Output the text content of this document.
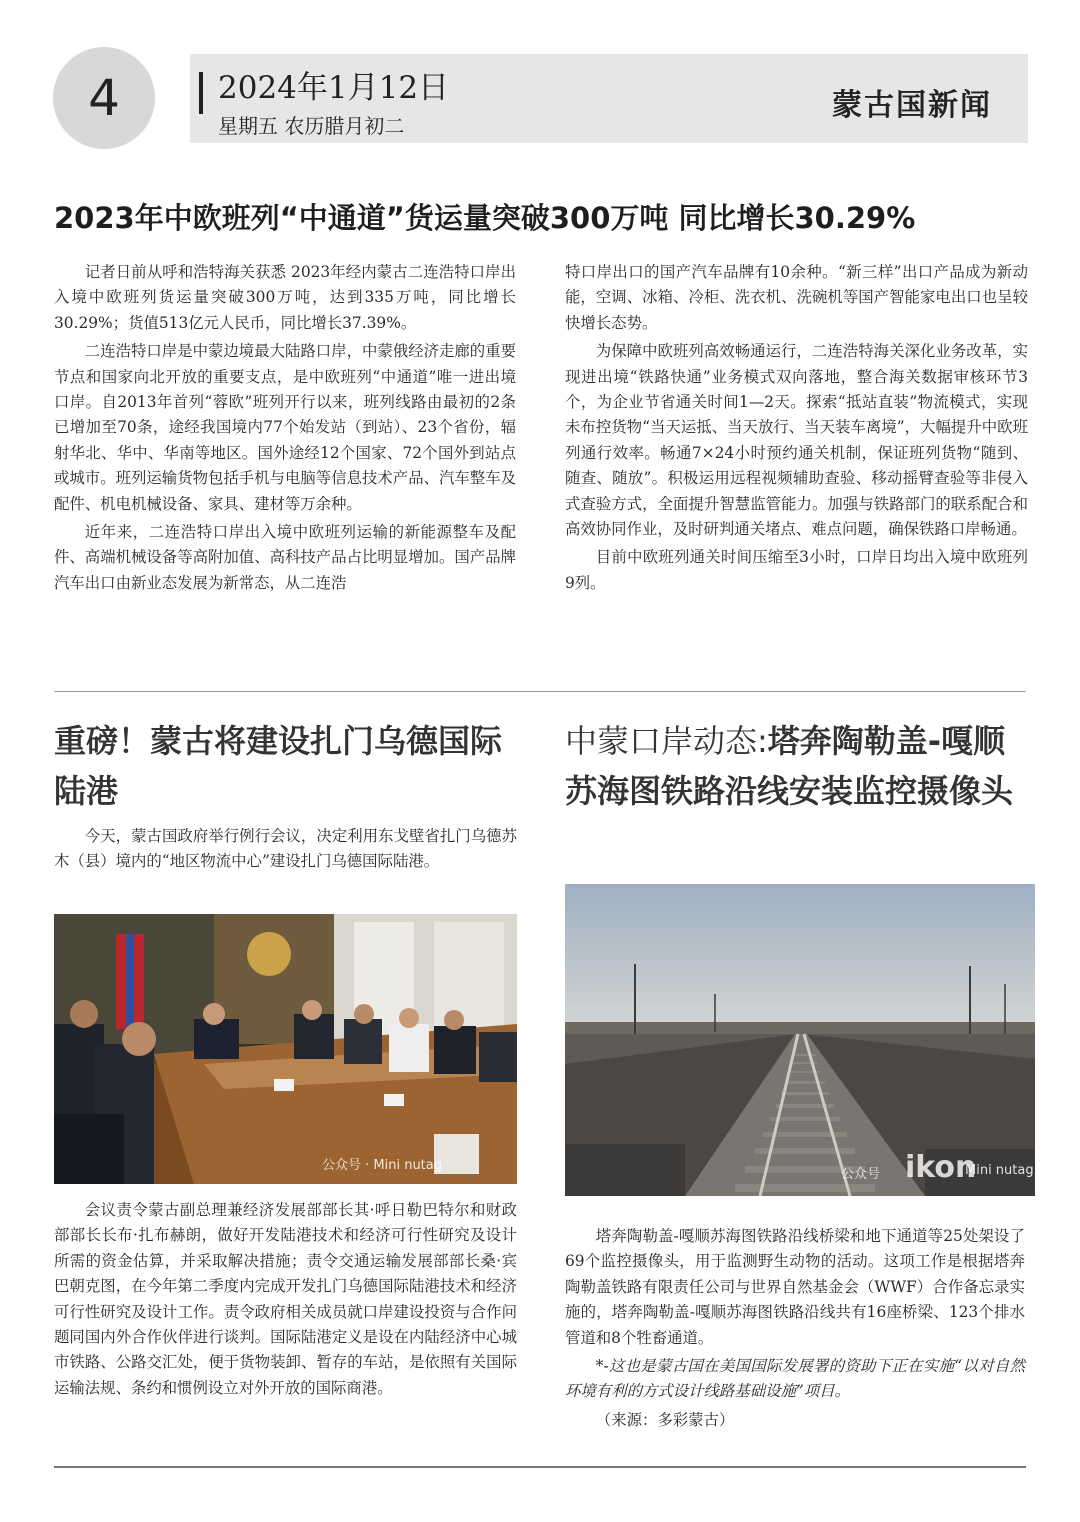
4	2024年1月12日
星期五 农历腊月初二
蒙古国新闻
2023年中欧班列“中通道”货运量突破300万吨 同比增长30.29%

记者日前从呼和浩特海关获悉 2023年经内蒙古二连浩特口岸出入境中欧班列货运量突破300万吨，达到335万吨，同比增长30.29%；货值513亿元人民币，同比增长37.39%。

二连浩特口岸是中蒙边境最大陆路口岸，中蒙俄经济走廊的重要节点和国家向北开放的重要支点，是中欧班列“中通道”唯一进出境口岸。自2013年首列“蓉欧”班列开行以来，班列线路由最初的2条已增加至70条，途经我国境内77个始发站（到站）、23个省份，辐射华北、华中、华南等地区。国外途经12个国家、72个国外到站点或城市。班列运输货物包括手机与电脑等信息技术产品、汽车整车及配件、机电机械设备、家具、建材等万余种。

近年来，二连浩特口岸出入境中欧班列运输的新能源整车及配件、高端机械设备等高附加值、高科技产品占比明显增加。国产品牌汽车出口由新业态发展为新常态，从二连浩

特口岸出口的国产汽车品牌有10余种。“新三样”出口产品成为新动能，空调、冰箱、冷柜、洗衣机、洗碗机等国产智能家电出口也呈较快增长态势。

为保障中欧班列高效畅通运行，二连浩特海关深化业务改革，实现进出境“铁路快通”业务模式双向落地，整合海关数据审核环节3个，为企业节省通关时间1—2天。探索“抵站直装”物流模式，实现未布控货物“当天运抵、当天放行、当天装车离境”，大幅提升中欧班列通行效率。畅通7×24小时预约通关机制，保证班列货物“随到、随查、随放”。积极运用远程视频辅助查验、移动摇臂查验等非侵入式查验方式，全面提升智慧监管能力。加强与铁路部门的联系配合和高效协同作业，及时研判通关堵点、难点问题，确保铁路口岸畅通。

目前中欧班列通关时间压缩至3小时，口岸日均出入境中欧班列9列。

重磅！蒙古将建设扎门乌德国际陆港

今天，蒙古国政府举行例行会议，决定利用东戈壁省扎门乌德苏木（县）境内的“地区物流中心”建设扎门乌德国际陆港。

公众号 · Mini nutag

会议责令蒙古副总理兼经济发展部部长其·呼日勒巴特尔和财政部部长长布·扎布赫朗，做好开发陆港技术和经济可行性研究及设计所需的资金估算，并采取解决措施；责令交通运输发展部部长桑·宾巴朝克图，在今年第二季度内完成开发扎门乌德国际陆港技术和经济可行性研究及设计工作。责令政府相关成员就口岸建设投资与合作问题同国内外合作伙伴进行谈判。国际陆港定义是设在内陆经济中心城市铁路、公路交汇处，便于货物装卸、暂存的车站，是依照有关国际运输法规、条约和惯例设立对外开放的国际商港。

中蒙口岸动态:塔奔陶勒盖-嘎顺苏海图铁路沿线安装监控摄像头
公众号 ikon
Mini nutag

塔奔陶勒盖-嘎顺苏海图铁路沿线桥梁和地下通道等25处架设了69个监控摄像头，用于监测野生动物的活动。这项工作是根据塔奔陶勒盖铁路有限责任公司与世界自然基金会（WWF）合作备忘录实施的，塔奔陶勒盖-嘎顺苏海图铁路沿线共有16座桥梁、123个排水管道和8个牲畜通道。

*-这也是蒙古国在美国国际发展署的资助下正在实施“以对自然环境有利的方式设计线路基础设施”项目。

（来源：多彩蒙古）
